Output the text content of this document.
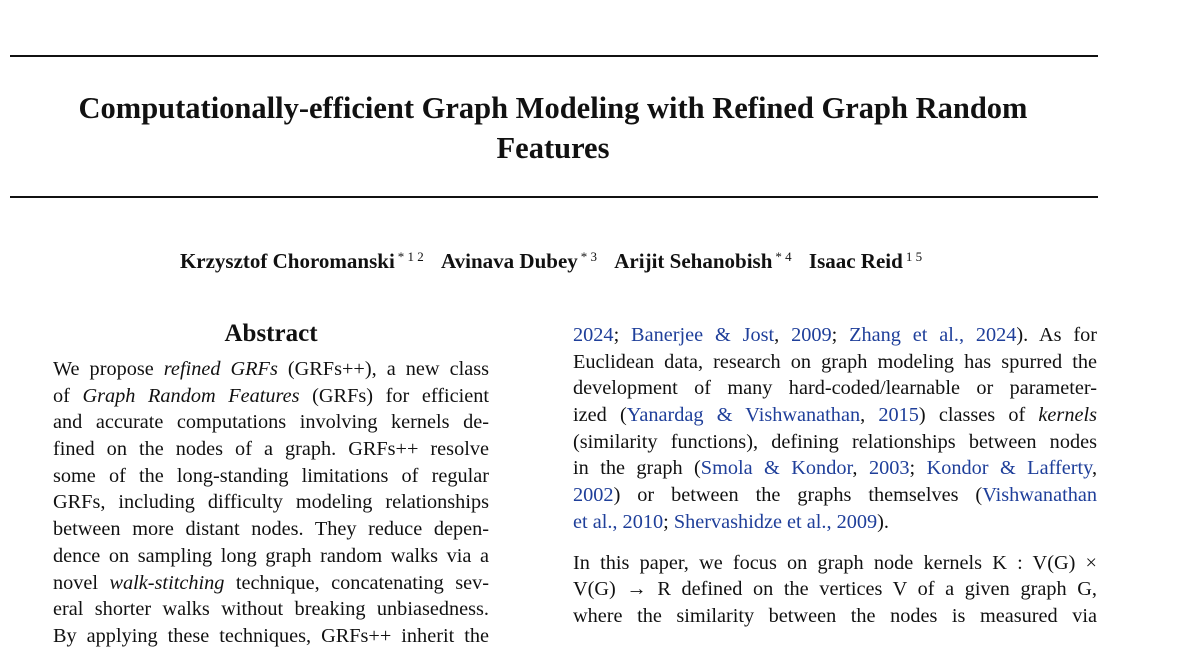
Computationally-efficient Graph Modeling with Refined Graph Random
Features
Krzysztof Choromanski $^{* 1 2}$ Avinava Dubey $^{* 3}$ Arijit Sehanobish $^{* 4}$ Isaac Reid $^{1 5}$
Abstract
We propose refined GRFs (GRFs++), a new class
of Graph Random Features (GRFs) for efficient
and accurate computations involving kernels de-
fined on the nodes of a graph. GRFs++ resolve
some of the long-standing limitations of regular
GRFs, including difficulty modeling relationships
between more distant nodes. They reduce depen-
dence on sampling long graph random walks via a
novel walk-stitching technique, concatenating sev-
eral shorter walks without breaking unbiasedness.
By applying these techniques, GRFs++ inherit the
2024; Banerjee & Jost, 2009; Zhang et al., 2024). As for
Euclidean data, research on graph modeling has spurred the
development of many hard-coded/learnable or parameter-
ized (Yanardag & Vishwanathan, 2015) classes of kernels
(similarity functions), defining relationships between nodes
in the graph (Smola & Kondor, 2003; Kondor & Lafferty,
2002) or between the graphs themselves (Vishwanathan
et al., 2010; Shervashidze et al., 2009).
In this paper, we focus on graph node kernels K : V(G) ×
V(G) → R defined on the vertices V of a given graph G,
where the similarity between the nodes is measured via
